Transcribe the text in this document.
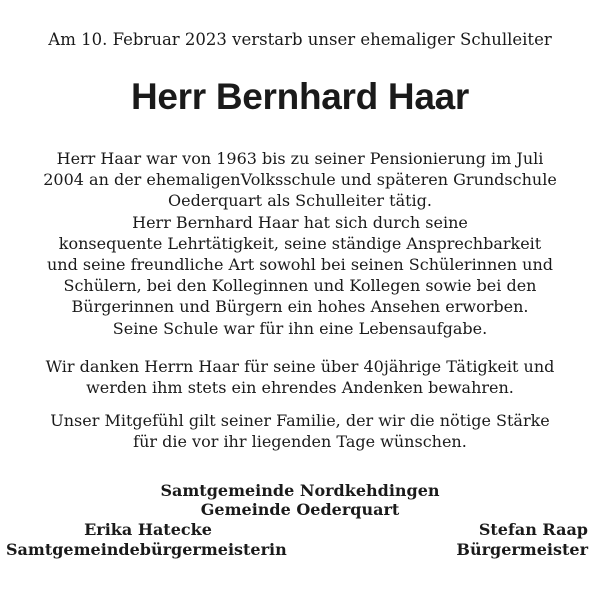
Am 10. Februar 2023 verstarb unser ehemaliger Schulleiter
Herr Bernhard Haar
Herr Haar war von 1963 bis zu seiner Pensionierung im Juli
2004 an der ehemaligenVolksschule und späteren Grundschule
Oederquart als Schulleiter tätig.
Herr Bernhard Haar hat sich durch seine
konsequente Lehrtätigkeit, seine ständige Ansprechbarkeit
und seine freundliche Art sowohl bei seinen Schülerinnen und
Schülern, bei den Kolleginnen und Kollegen sowie bei den
Bürgerinnen und Bürgern ein hohes Ansehen erworben.
Seine Schule war für ihn eine Lebensaufgabe.
Wir danken Herrn Haar für seine über 40jährige Tätigkeit und
werden ihm stets ein ehrendes Andenken bewahren.
Unser Mitgefühl gilt seiner Familie, der wir die nötige Stärke
für die vor ihr liegenden Tage wünschen.
Samtgemeinde Nordkehdingen
Gemeinde Oederquart
Erika Hatecke
Samtgemeindebürgermeisterin
Stefan Raap
Bürgermeister
